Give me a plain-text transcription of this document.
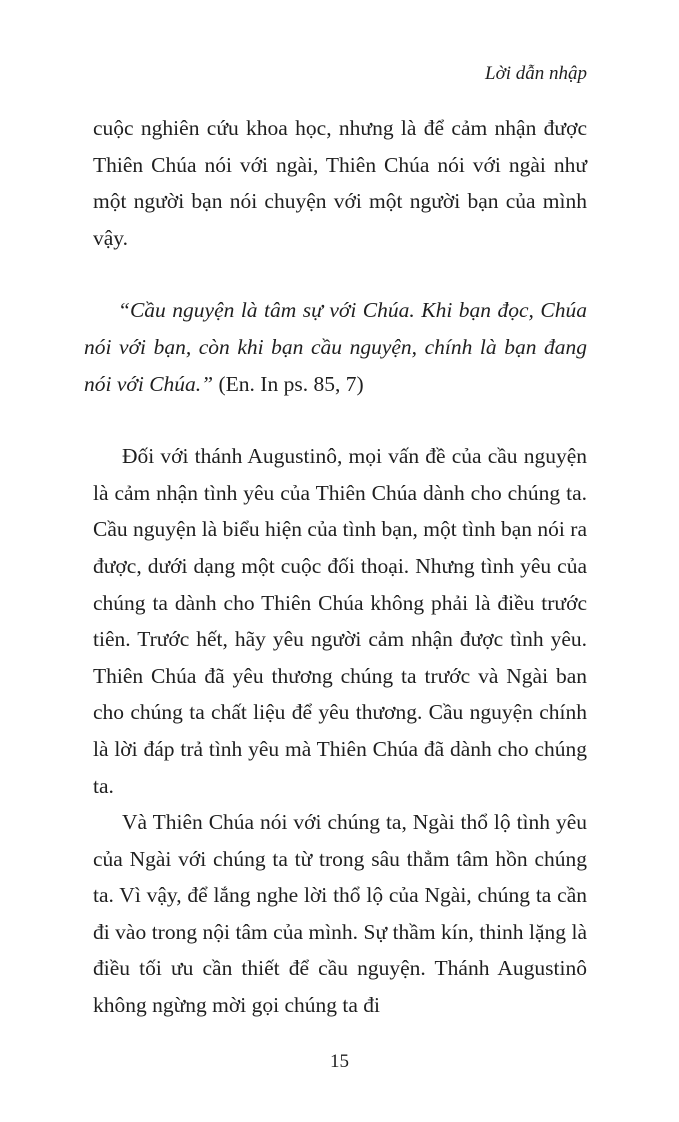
Lời dẫn nhập

cuộc nghiên cứu khoa học, nhưng là để cảm nhận được Thiên Chúa nói với ngài, Thiên Chúa nói với ngài như một người bạn nói chuyện với một người bạn của mình vậy.

“Cầu nguyện là tâm sự với Chúa. Khi bạn đọc, Chúa nói với bạn, còn khi bạn cầu nguyện, chính là bạn đang nói với Chúa.” (En. In ps. 85, 7)

Đối với thánh Augustinô, mọi vấn đề của cầu nguyện là cảm nhận tình yêu của Thiên Chúa dành cho chúng ta. Cầu nguyện là biểu hiện của tình bạn, một tình bạn nói ra được, dưới dạng một cuộc đối thoại. Nhưng tình yêu của chúng ta dành cho Thiên Chúa không phải là điều trước tiên. Trước hết, hãy yêu người cảm nhận được tình yêu. Thiên Chúa đã yêu thương chúng ta trước và Ngài ban cho chúng ta chất liệu để yêu thương. Cầu nguyện chính là lời đáp trả tình yêu mà Thiên Chúa đã dành cho chúng ta.

Và Thiên Chúa nói với chúng ta, Ngài thổ lộ tình yêu của Ngài với chúng ta từ trong sâu thẳm tâm hồn chúng ta. Vì vậy, để lắng nghe lời thổ lộ của Ngài, chúng ta cần đi vào trong nội tâm của mình. Sự thầm kín, thinh lặng là điều tối ưu cần thiết để cầu nguyện. Thánh Augustinô không ngừng mời gọi chúng ta đi

15
